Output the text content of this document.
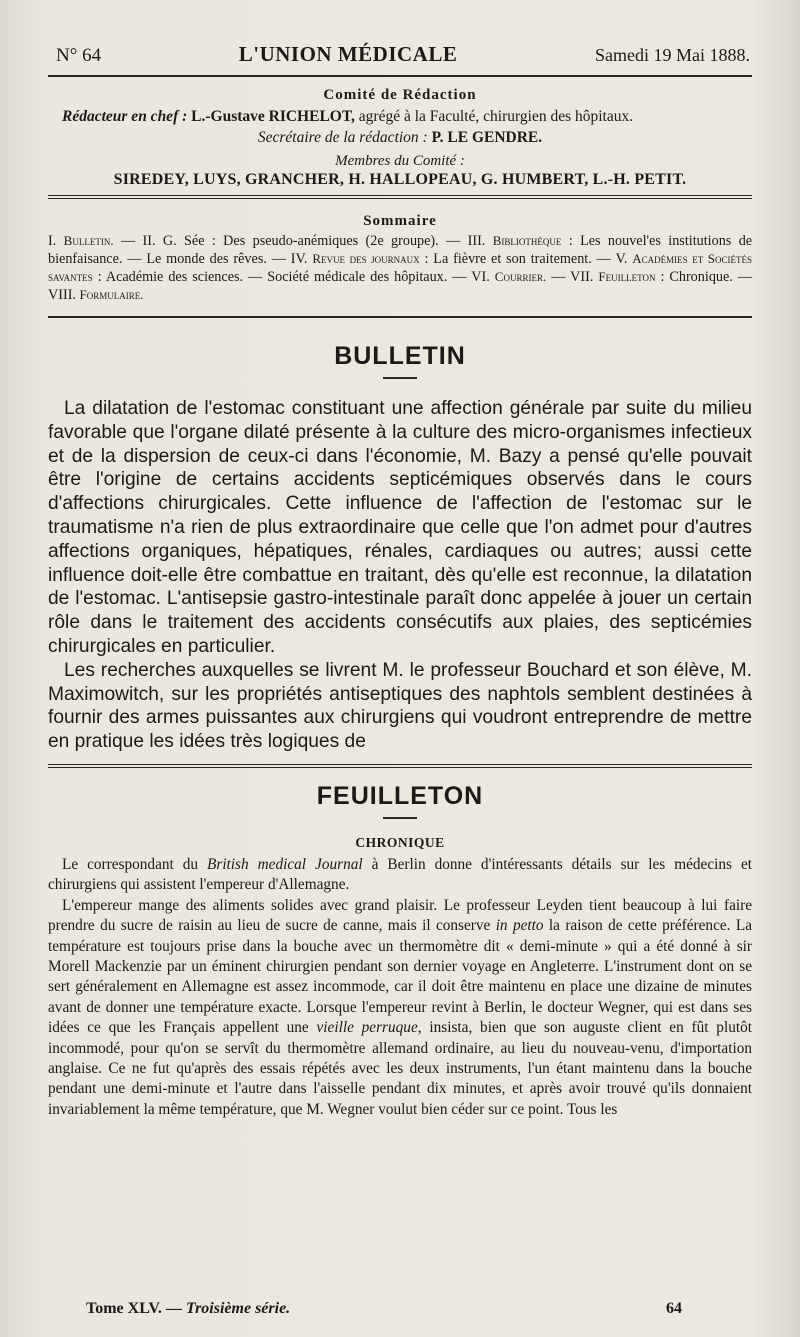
N° 64	L'UNION MÉDICALE	Samedi 19 Mai 1888.
Comité de Rédaction
Rédacteur en chef : L.-Gustave RICHELOT, agrégé à la Faculté, chirurgien des hôpitaux.
Secrétaire de la rédaction : P. LE GENDRE.
Membres du Comité :
SIREDEY, LUYS, GRANCHER, H. HALLOPEAU, G. HUMBERT, L.-H. PETIT.
Sommaire
I. Bulletin. — II. G. Sée : Des pseudo-anémiques (2e groupe). — III. Bibliothèque : Les nouvel'es institutions de bienfaisance. — Le monde des rêves. — IV. Revue des journaux : La fièvre et son traitement. — V. Académies et Sociétés savantes : Académie des sciences. — Société médicale des hôpitaux. — VI. Courrier. — VII. Feuilleton : Chronique. — VIII. Formulaire.
BULLETIN

La dilatation de l'estomac constituant une affection générale par suite du milieu favorable que l'organe dilaté présente à la culture des micro-organismes infectieux et de la dispersion de ceux-ci dans l'économie, M. Bazy a pensé qu'elle pouvait être l'origine de certains accidents septicémiques observés dans le cours d'affections chirurgicales. Cette influence de l'affection de l'estomac sur le traumatisme n'a rien de plus extraordinaire que celle que l'on admet pour d'autres affections organiques, hépatiques, rénales, cardiaques ou autres; aussi cette influence doit-elle être combattue en traitant, dès qu'elle est reconnue, la dilatation de l'estomac. L'antisepsie gastro-intestinale paraît donc appelée à jouer un certain rôle dans le traitement des accidents consécutifs aux plaies, des septicémies chirurgicales en particulier.

Les recherches auxquelles se livrent M. le professeur Bouchard et son élève, M. Maximowitch, sur les propriétés antiseptiques des naphtols semblent destinées à fournir des armes puissantes aux chirurgiens qui voudront entreprendre de mettre en pratique les idées très logiques de

FEUILLETON
CHRONIQUE

Le correspondant du British medical Journal à Berlin donne d'intéressants détails sur les médecins et chirurgiens qui assistent l'empereur d'Allemagne.

L'empereur mange des aliments solides avec grand plaisir. Le professeur Leyden tient beaucoup à lui faire prendre du sucre de raisin au lieu de sucre de canne, mais il conserve in petto la raison de cette préférence. La température est toujours prise dans la bouche avec un thermomètre dit « demi-minute » qui a été donné à sir Morell Mackenzie par un éminent chirurgien pendant son dernier voyage en Angleterre. L'instrument dont on se sert généralement en Allemagne est assez incommode, car il doit être maintenu en place une dizaine de minutes avant de donner une température exacte. Lorsque l'empereur revint à Berlin, le docteur Wegner, qui est dans ses idées ce que les Français appellent une vieille perruque, insista, bien que son auguste client en fût plutôt incommodé, pour qu'on se servît du thermomètre allemand ordinaire, au lieu du nouveau-venu, d'importation anglaise. Ce ne fut qu'après des essais répétés avec les deux instruments, l'un étant maintenu dans la bouche pendant une demi-minute et l'autre dans l'aisselle pendant dix minutes, et après avoir trouvé qu'ils donnaient invariablement la même température, que M. Wegner voulut bien céder sur ce point. Tous les

Tome XLV. — Troisième série.	64
